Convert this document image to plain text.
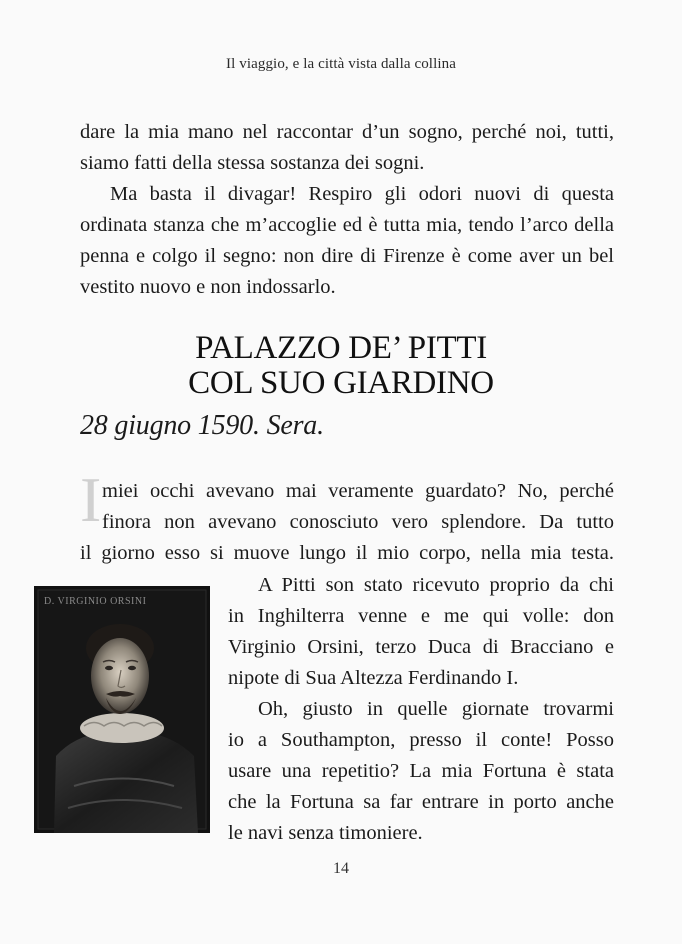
Il viaggio, e la città vista dalla collina

dare la mia mano nel raccontar d’un sogno, perché noi, tutti, siamo fatti della stessa sostanza dei sogni.

Ma basta il divagar! Respiro gli odori nuovi di questa ordinata stanza che m’accoglie ed è tutta mia, tendo l’arco della penna e colgo il segno: non dire di Firenze è come aver un bel vestito nuovo e non indossarlo.

PALAZZO DE’ PITTI
COL SUO GIARDINO
28 giugno 1590. Sera.
I miei occhi avevano mai veramente guardato? No, perché
finora non avevano conosciuto vero splendore. Da tutto
il giorno esso si muove lungo il mio corpo, nella mia testa.
D. VIRGINIO ORSINI
A Pitti son stato ricevuto proprio da chi
in Inghilterra venne e me qui volle: don
Virginio Orsini, terzo Duca di Bracciano e
nipote di Sua Altezza Ferdinando I.
Oh, giusto in quelle giornate trovarmi
io a Southampton, presso il conte! Posso
usare una repetitio? La mia Fortuna è stata
che la Fortuna sa far entrare in porto anche
le navi senza timoniere.
14
